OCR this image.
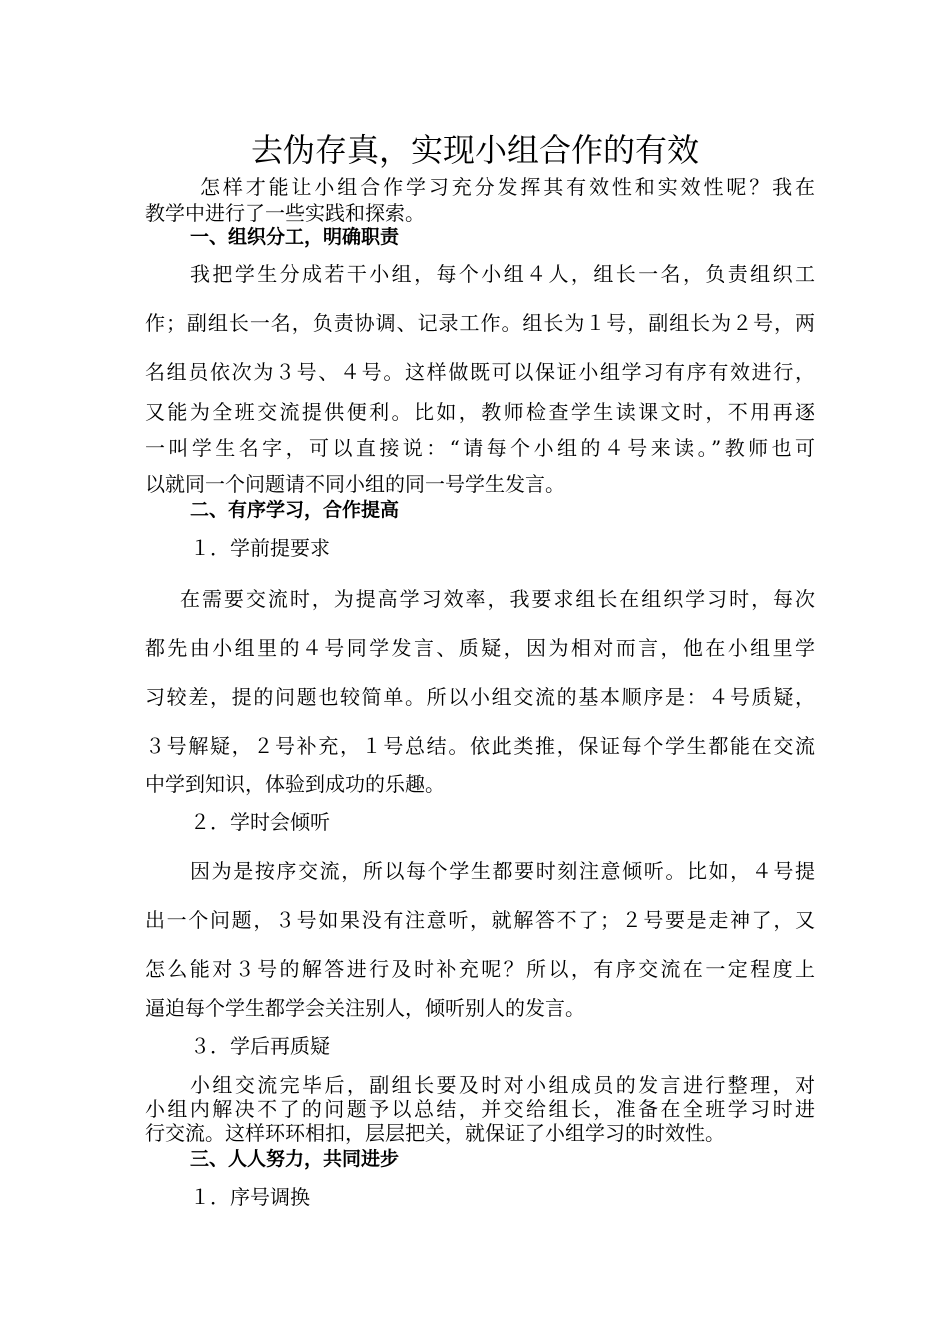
去伪存真，实现小组合作的有效
怎样才能让小组合作学习充分发挥其有效性和实效性呢？我在
教学中进行了一些实践和探索。
一、组织分工，明确职责
我把学生分成若干小组，每个小组４人，组长一名，负责组织工
作；副组长一名，负责协调、记录工作。组长为１号，副组长为２号，两
名组员依次为３号、４号。这样做既可以保证小组学习有序有效进行，
又能为全班交流提供便利。比如，教师检查学生读课文时，不用再逐
一叫学生名字，可以直接说：“请每个小组的４号来读。”教师也可
以就同一个问题请不同小组的同一号学生发言。
二、有序学习，合作提高
１．学前提要求
在需要交流时，为提高学习效率，我要求组长在组织学习时，每次
都先由小组里的４号同学发言、质疑，因为相对而言，他在小组里学
习较差，提的问题也较简单。所以小组交流的基本顺序是：４号质疑，
３号解疑，２号补充，１号总结。依此类推，保证每个学生都能在交流
中学到知识，体验到成功的乐趣。
２．学时会倾听
因为是按序交流，所以每个学生都要时刻注意倾听。比如，４号提
出一个问题，３号如果没有注意听，就解答不了；２号要是走神了，又
怎么能对３号的解答进行及时补充呢？所以，有序交流在一定程度上
逼迫每个学生都学会关注别人，倾听别人的发言。
３．学后再质疑
小组交流完毕后，副组长要及时对小组成员的发言进行整理，对
小组内解决不了的问题予以总结，并交给组长，准备在全班学习时进
行交流。这样环环相扣，层层把关，就保证了小组学习的时效性。
三、人人努力，共同进步
１．序号调换
